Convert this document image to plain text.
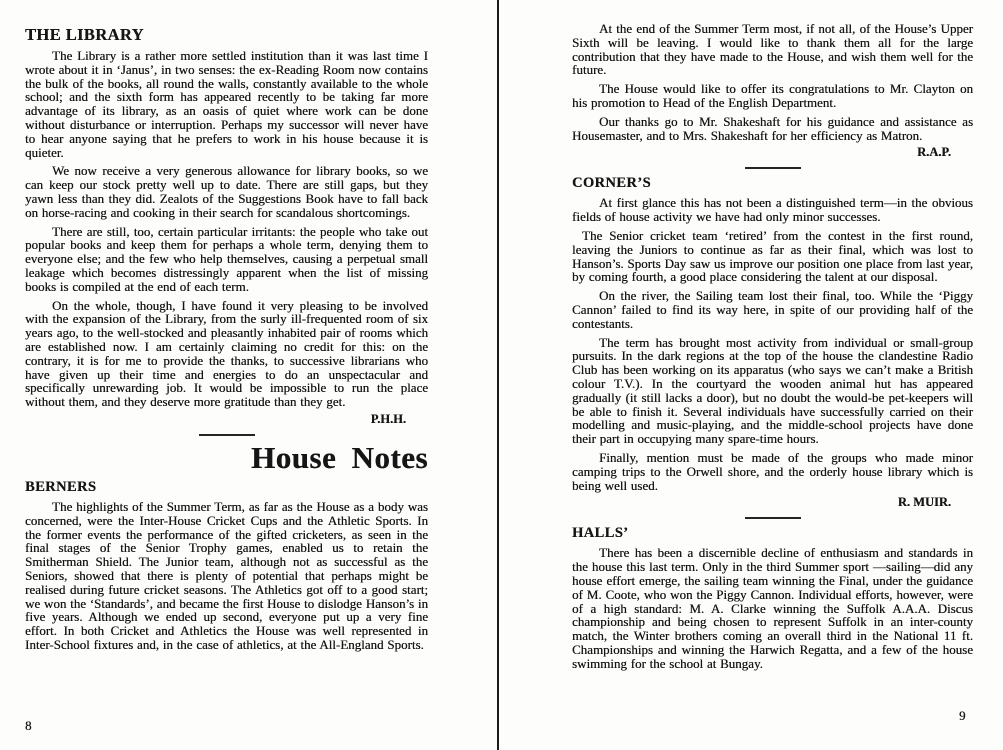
THE LIBRARY

The Library is a rather more settled institution than it was last time I wrote about it in ‘Janus’, in two senses: the ex-Reading Room now contains the bulk of the books, all round the walls, constantly available to the whole school; and the sixth form has appeared recently to be taking far more advantage of its library, as an oasis of quiet where work can be done without disturbance or interruption. Perhaps my successor will never have to hear anyone saying that he prefers to work in his house because it is quieter.

We now receive a very generous allowance for library books, so we can keep our stock pretty well up to date. There are still gaps, but they yawn less than they did. Zealots of the Suggestions Book have to fall back on horse-racing and cooking in their search for scandalous shortcomings.

There are still, too, certain particular irritants: the people who take out popular books and keep them for perhaps a whole term, denying them to everyone else; and the few who help themselves, causing a perpetual small leakage which becomes distressingly apparent when the list of missing books is compiled at the end of each term.

On the whole, though, I have found it very pleasing to be involved with the expansion of the Library, from the surly ill-frequented room of six years ago, to the well-stocked and pleasantly inhabited pair of rooms which are established now. I am certainly claiming no credit for this: on the contrary, it is for me to provide the thanks, to successive librarians who have given up their time and energies to do an unspectacular and specifically unrewarding job. It would be impossible to run the place without them, and they deserve more gratitude than they get.

P.H.H.
House Notes
BERNERS

The highlights of the Summer Term, as far as the House as a body was concerned, were the Inter-House Cricket Cups and the Athletic Sports. In the former events the performance of the gifted cricketers, as seen in the final stages of the Senior Trophy games, enabled us to retain the Smitherman Shield. The Junior team, although not as successful as the Seniors, showed that there is plenty of potential that perhaps might be realised during future cricket seasons. The Athletics got off to a good start; we won the ‘Standards’, and became the first House to dislodge Hanson’s in five years. Although we ended up second, everyone put up a very fine effort. In both Cricket and Athletics the House was well represented in Inter-School fixtures and, in the case of athletics, at the All-England Sports.

At the end of the Summer Term most, if not all, of the House’s Upper Sixth will be leaving. I would like to thank them all for the large contribution that they have made to the House, and wish them well for the future.

The House would like to offer its congratulations to Mr. Clayton on his promotion to Head of the English Department.

Our thanks go to Mr. Shakeshaft for his guidance and assistance as Housemaster, and to Mrs. Shakeshaft for her efficiency as Matron.

R.A.P.
CORNER’S

At first glance this has not been a distinguished term—in the obvious fields of house activity we have had only minor successes.

The Senior cricket team ‘retired’ from the contest in the first round, leaving the Juniors to continue as far as their final, which was lost to Hanson’s. Sports Day saw us improve our position one place from last year, by coming fourth, a good place considering the talent at our disposal.

On the river, the Sailing team lost their final, too. While the ‘Piggy Cannon’ failed to find its way here, in spite of our providing half of the contestants.

The term has brought most activity from individual or small-group pursuits. In the dark regions at the top of the house the clandestine Radio Club has been working on its apparatus (who says we can’t make a British colour T.V.). In the courtyard the wooden animal hut has appeared gradually (it still lacks a door), but no doubt the would-be pet-keepers will be able to finish it. Several individuals have successfully carried on their modelling and music-playing, and the middle-school projects have done their part in occupying many spare-time hours.

Finally, mention must be made of the groups who made minor camping trips to the Orwell shore, and the orderly house library which is being well used.

R. MUIR.
HALLS’

There has been a discernible decline of enthusiasm and standards in the house this last term. Only in the third Summer sport —sailing—did any house effort emerge, the sailing team winning the Final, under the guidance of M. Coote, who won the Piggy Cannon. Individual efforts, however, were of a high standard: M. A. Clarke winning the Suffolk A.A.A. Discus championship and being chosen to represent Suffolk in an inter-county match, the Winter brothers coming an overall third in the National 11 ft. Championships and winning the Harwich Regatta, and a few of the house swimming for the school at Bungay.

8
9
